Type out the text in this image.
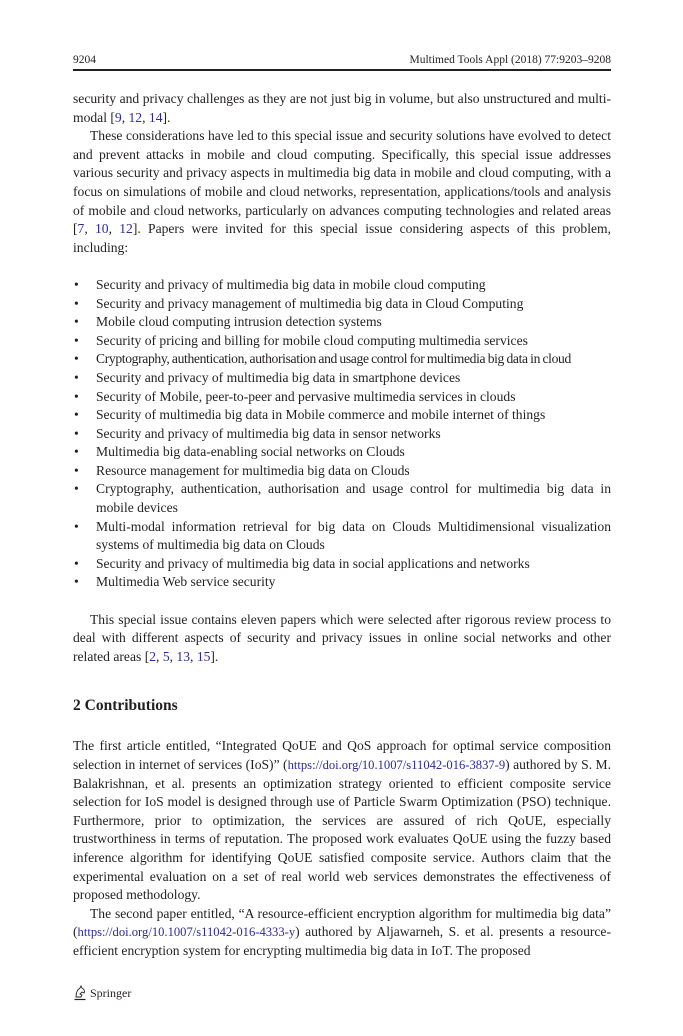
9204	Multimed Tools Appl (2018) 77:9203–9208

security and privacy challenges as they are not just big in volume, but also unstructured and multi-modal [9, 12, 14].

These considerations have led to this special issue and security solutions have evolved to detect and prevent attacks in mobile and cloud computing. Specifically, this special issue addresses various security and privacy aspects in multimedia big data in mobile and cloud computing, with a focus on simulations of mobile and cloud networks, representation, applications/tools and analysis of mobile and cloud networks, particularly on advances computing technologies and related areas [7, 10, 12]. Papers were invited for this special issue considering aspects of this problem, including:

• Security and privacy of multimedia big data in mobile cloud computing
• Security and privacy management of multimedia big data in Cloud Computing
• Mobile cloud computing intrusion detection systems
• Security of pricing and billing for mobile cloud computing multimedia services
• Cryptography, authentication, authorisation and usage control for multimedia big data in cloud
• Security and privacy of multimedia big data in smartphone devices
• Security of Mobile, peer-to-peer and pervasive multimedia services in clouds
• Security of multimedia big data in Mobile commerce and mobile internet of things
• Security and privacy of multimedia big data in sensor networks
• Multimedia big data-enabling social networks on Clouds
• Resource management for multimedia big data on Clouds
• Cryptography, authentication, authorisation and usage control for multimedia big data in mobile devices
• Multi-modal information retrieval for big data on Clouds Multidimensional visualization systems of multimedia big data on Clouds
• Security and privacy of multimedia big data in social applications and networks
• Multimedia Web service security

This special issue contains eleven papers which were selected after rigorous review process to deal with different aspects of security and privacy issues in online social networks and other related areas [2, 5, 13, 15].

2 Contributions

The first article entitled, “Integrated QoUE and QoS approach for optimal service composition selection in internet of services (IoS)” (https://doi.org/10.1007/s11042-016-3837-9) authored by S. M. Balakrishnan, et al. presents an optimization strategy oriented to efficient composite service selection for IoS model is designed through use of Particle Swarm Optimization (PSO) technique. Furthermore, prior to optimization, the services are assured of rich QoUE, especially trustworthiness in terms of reputation. The proposed work evaluates QoUE using the fuzzy based inference algorithm for identifying QoUE satisfied composite service. Authors claim that the experimental evaluation on a set of real world web services demonstrates the effectiveness of proposed methodology.

The second paper entitled, “A resource-efficient encryption algorithm for multimedia big data” (https://doi.org/10.1007/s11042-016-4333-y) authored by Aljawarneh, S. et al. presents a resource-efficient encryption system for encrypting multimedia big data in IoT. The proposed

Springer
